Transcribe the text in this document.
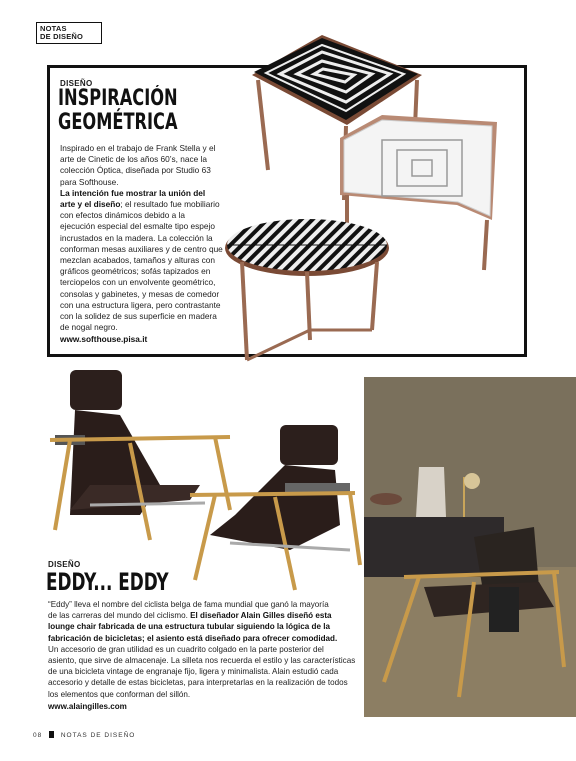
NOTAS
DE DISEÑO
DISEÑO
INSPIRACIÓN
GEOMÉTRICA
Inspirado en el trabajo de Frank Stella y el
arte de Cinetic de los años 60’s, nace la
colección Óptica, diseñada por Studio 63
para Softhouse.
La intención fue mostrar la unión del
arte y el diseño; el resultado fue mobiliario
con efectos dinámicos debido a la
ejecución especial del esmalte tipo espejo
incrustados en la madera. La colección la
conforman mesas auxiliares y de centro que
mezclan acabados, tamaños y alturas con
gráficos geométricos; sofás tapizados en
terciopelos con un envolvente geométrico,
consolas y gabinetes, y mesas de comedor
con una estructura ligera, pero contrastante
con la solidez de sus superficie en madera
de nogal negro.
www.softhouse.pisa.it
DISEÑO
EDDY... EDDY
“Eddy” lleva el nombre del ciclista belga de fama mundial que ganó la mayoría
de las carreras del mundo del ciclismo. El diseñador Alain Gilles diseñó esta
lounge chair fabricada de una estructura tubular siguiendo la lógica de la
fabricación de bicicletas; el asiento está diseñado para ofrecer comodidad.
Un accesorio de gran utilidad es un cuadrito colgado en la parte posterior del
asiento, que sirve de almacenaje. La silleta nos recuerda el estilo y las características
de una bicicleta vintage de engranaje fijo, ligera y minimalista. Alain estudió cada
accesorio y detalle de estas bicicletas, para interpretarlas en la realización de todos
los elementos que conforman del sillón.
www.alaingilles.com
08	NOTAS DE DISEÑO
